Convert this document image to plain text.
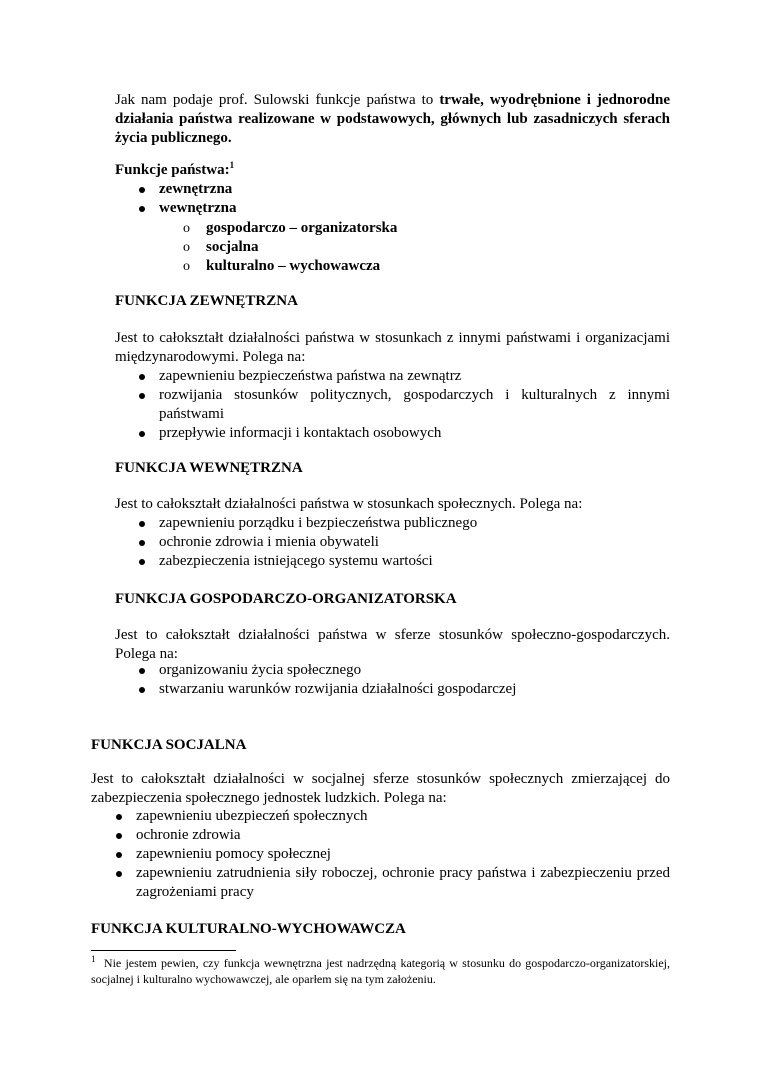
Jak nam podaje prof. Sulowski funkcje państwa to trwałe, wyodrębnione i jednorodne działania państwa realizowane w podstawowych, głównych lub zasadniczych sferach życia publicznego.

Funkcje państwa:$^1$

zewnętrzna
wewnętrzna
o gospodarczo – organizatorska
o socjalna
o kulturalno – wychowawcza

FUNKCJA ZEWNĘTRZNA

Jest to całokształt działalności państwa w stosunkach z innymi państwami i organizacjami międzynarodowymi. Polega na:

zapewnieniu bezpieczeństwa państwa na zewnątrz
rozwijania stosunków politycznych, gospodarczych i kulturalnych z innymi państwami
przepływie informacji i kontaktach osobowych

FUNKCJA WEWNĘTRZNA

Jest to całokształt działalności państwa w stosunkach społecznych. Polega na:

zapewnieniu porządku i bezpieczeństwa publicznego
ochronie zdrowia i mienia obywateli
zabezpieczenia istniejącego systemu wartości

FUNKCJA GOSPODARCZO-ORGANIZATORSKA

Jest to całokształt działalności państwa w sferze stosunków społeczno-gospodarczych. Polega na:

organizowaniu życia społecznego
stwarzaniu warunków rozwijania działalności gospodarczej

FUNKCJA SOCJALNA

Jest to całokształt działalności w socjalnej sferze stosunków społecznych zmierzającej do zabezpieczenia społecznego jednostek ludzkich. Polega na:

zapewnieniu ubezpieczeń społecznych
ochronie zdrowia
zapewnieniu pomocy społecznej
zapewnieniu zatrudnienia siły roboczej, ochronie pracy państwa i zabezpieczeniu przed zagrożeniami pracy

FUNKCJA KULTURALNO-WYCHOWAWCZA

$^1$ Nie jestem pewien, czy funkcja wewnętrzna jest nadrzędną kategorią w stosunku do gospodarczo-organizatorskiej, socjalnej i kulturalno wychowawczej, ale oparłem się na tym założeniu.
